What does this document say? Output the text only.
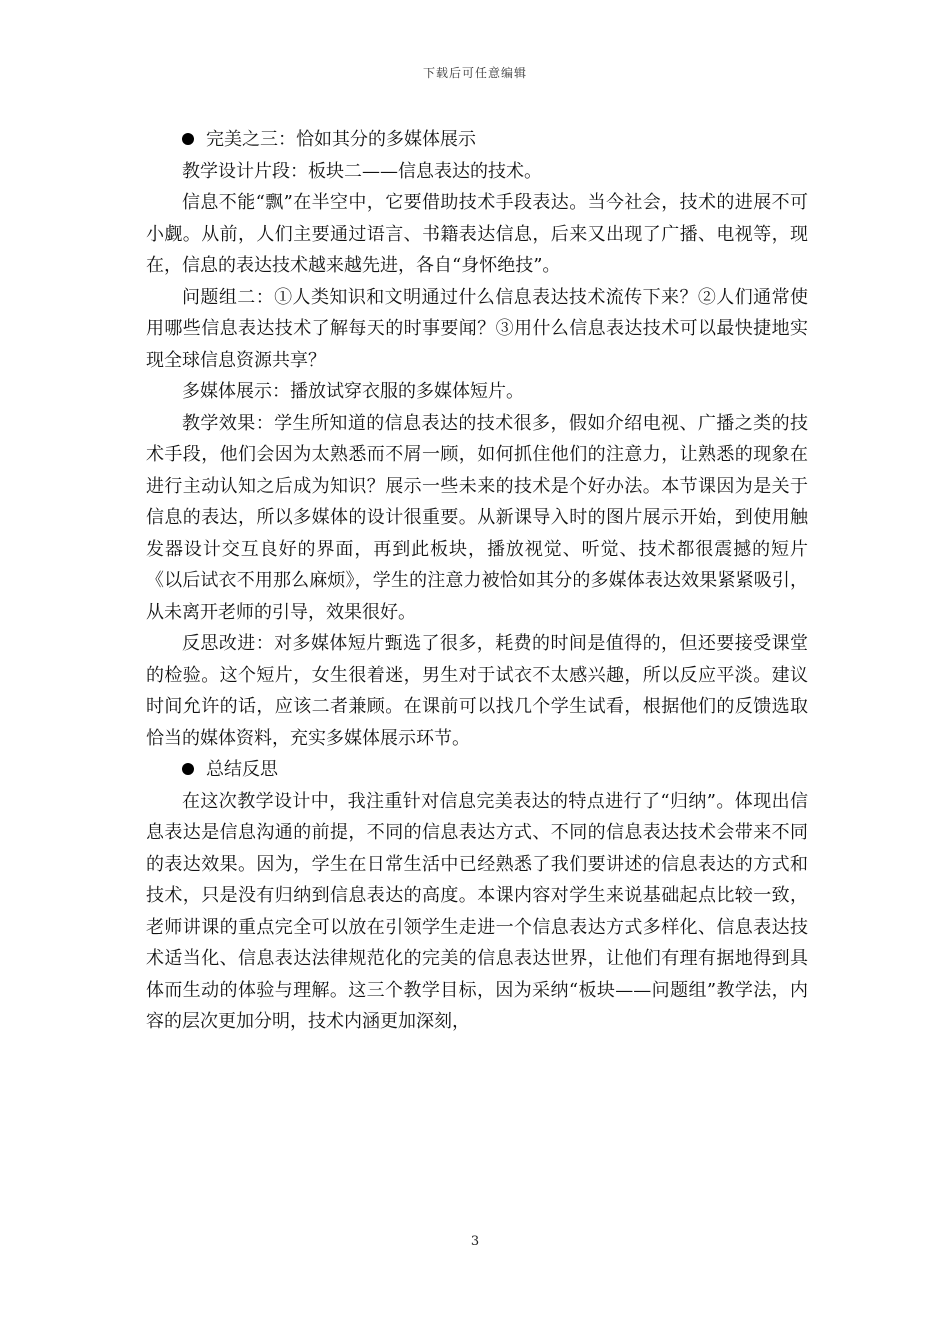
下载后可任意编辑

完美之三：恰如其分的多媒体展示

教学设计片段：板块二——信息表达的技术。

信息不能“飘”在半空中，它要借助技术手段表达。当今社会，技术的进展不可小觑。从前，人们主要通过语言、书籍表达信息，后来又出现了广播、电视等，现在，信息的表达技术越来越先进，各自“身怀绝技”。

问题组二：①人类知识和文明通过什么信息表达技术流传下来？②人们通常使用哪些信息表达技术了解每天的时事要闻？③用什么信息表达技术可以最快捷地实现全球信息资源共享？

多媒体展示：播放试穿衣服的多媒体短片。

教学效果：学生所知道的信息表达的技术很多，假如介绍电视、广播之类的技术手段，他们会因为太熟悉而不屑一顾，如何抓住他们的注意力，让熟悉的现象在进行主动认知之后成为知识？展示一些未来的技术是个好办法。本节课因为是关于信息的表达，所以多媒体的设计很重要。从新课导入时的图片展示开始，到使用触发器设计交互良好的界面，再到此板块，播放视觉、听觉、技术都很震撼的短片《以后试衣不用那么麻烦》，学生的注意力被恰如其分的多媒体表达效果紧紧吸引，从未离开老师的引导，效果很好。

反思改进：对多媒体短片甄选了很多，耗费的时间是值得的，但还要接受课堂的检验。这个短片，女生很着迷，男生对于试衣不太感兴趣，所以反应平淡。建议时间允许的话，应该二者兼顾。在课前可以找几个学生试看，根据他们的反馈选取恰当的媒体资料，充实多媒体展示环节。

总结反思

在这次教学设计中，我注重针对信息完美表达的特点进行了“归纳”。体现出信息表达是信息沟通的前提，不同的信息表达方式、不同的信息表达技术会带来不同的表达效果。因为，学生在日常生活中已经熟悉了我们要讲述的信息表达的方式和技术，只是没有归纳到信息表达的高度。本课内容对学生来说基础起点比较一致，老师讲课的重点完全可以放在引领学生走进一个信息表达方式多样化、信息表达技术适当化、信息表达法律规范化的完美的信息表达世界，让他们有理有据地得到具体而生动的体验与理解。这三个教学目标，因为采纳“板块——问题组”教学法，内容的层次更加分明，技术内涵更加深刻，

3
